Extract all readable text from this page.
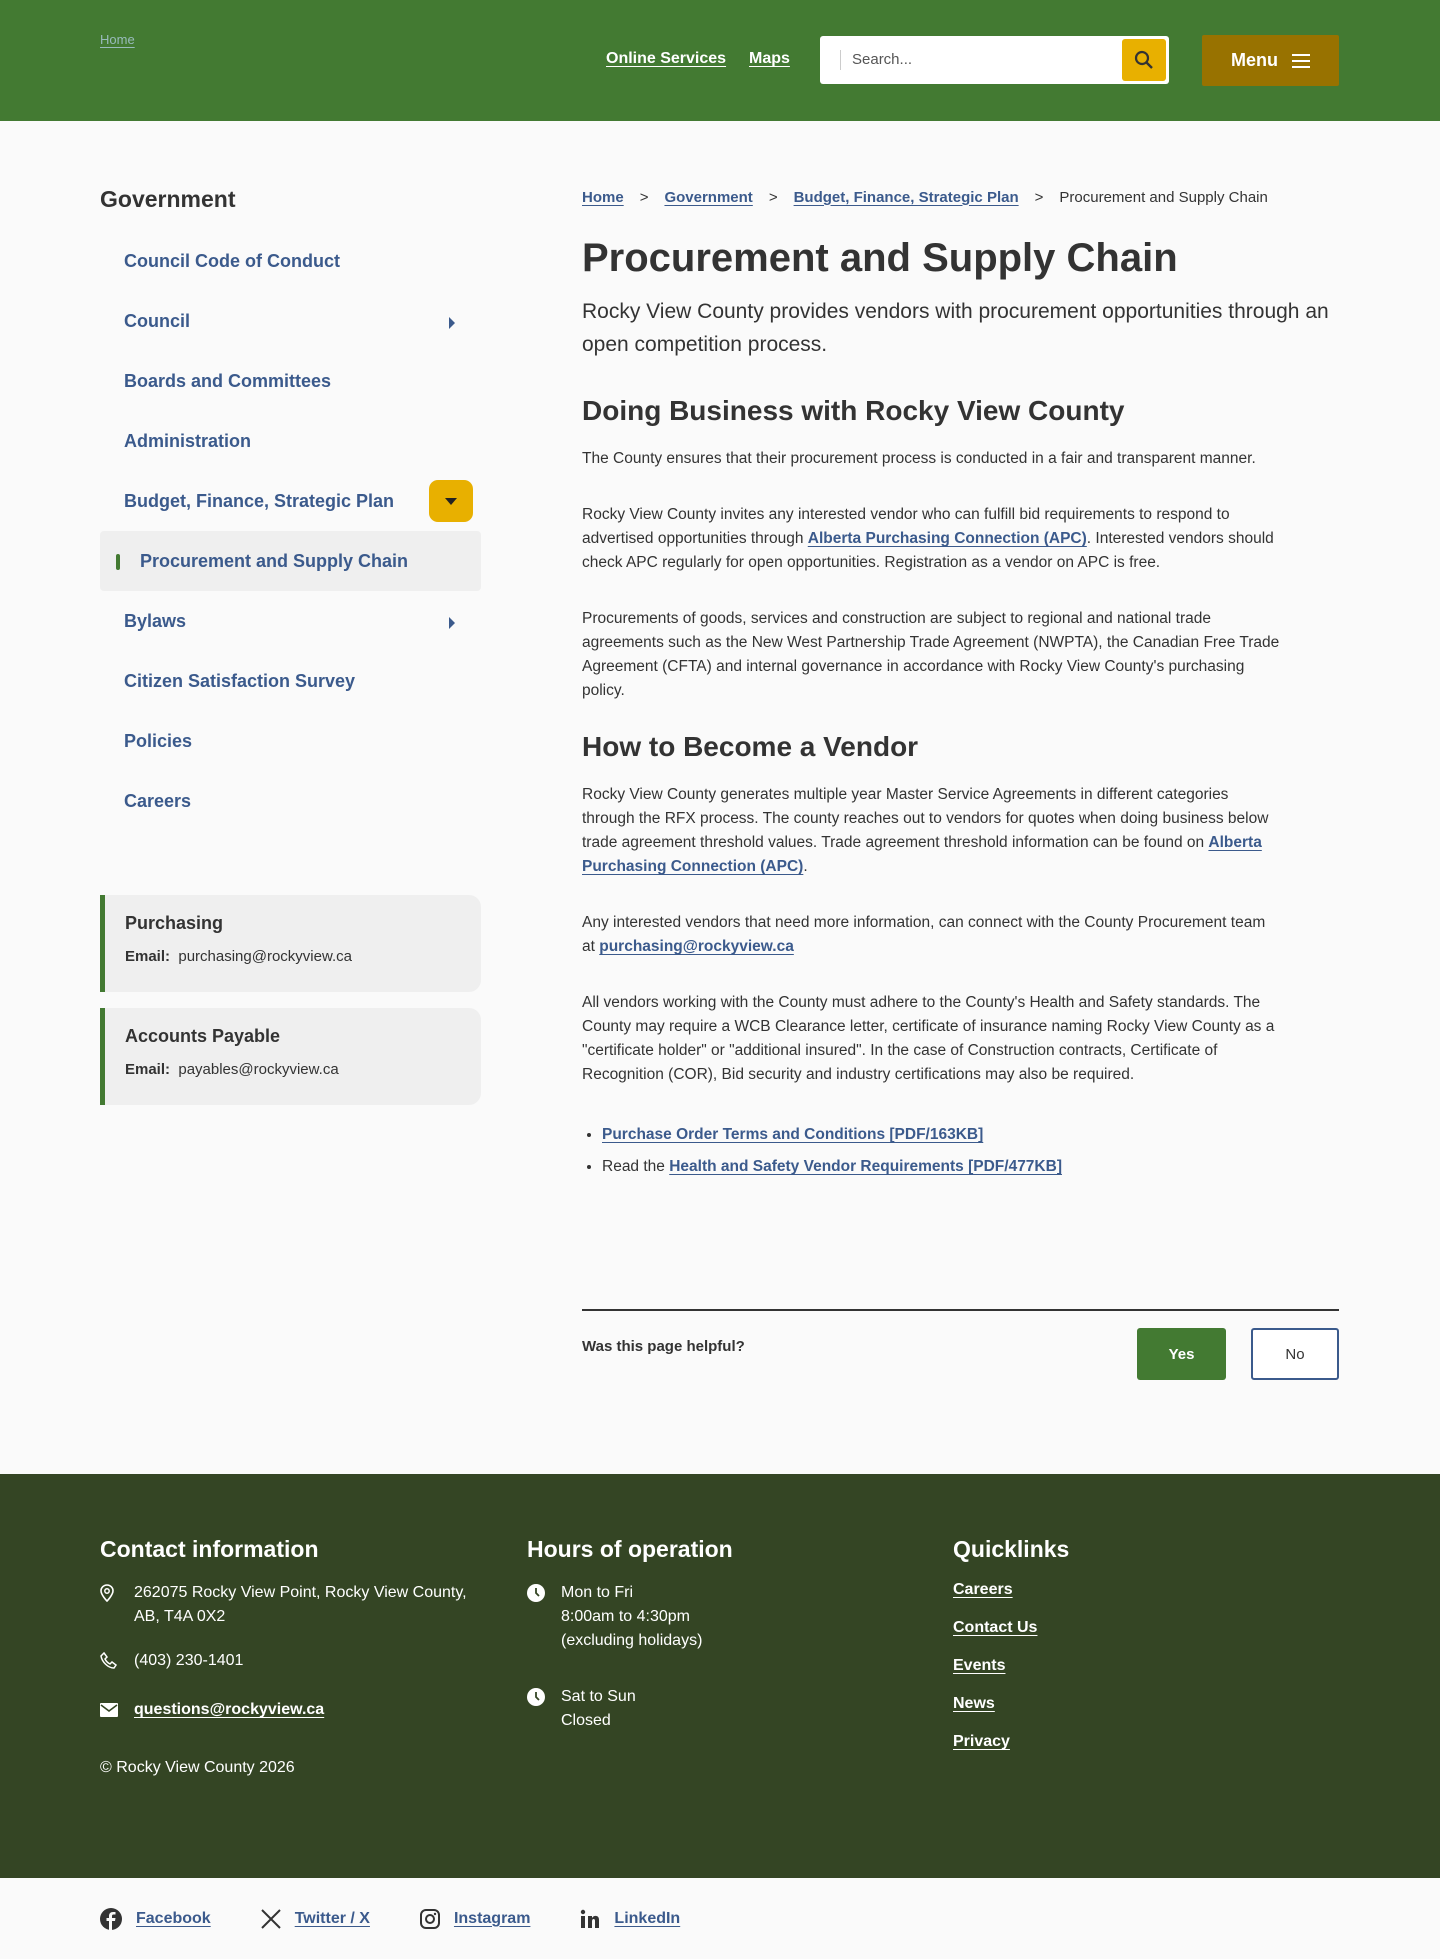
Home
Online Services Maps	Search...	Menu
Government
Council Code of Conduct
Council
Boards and Committees
Administration
Budget, Finance, Strategic Plan
Procurement and Supply Chain
Bylaws
Citizen Satisfaction Survey
Policies
Careers
Purchasing

Email: purchasing@rockyview.ca

Accounts Payable

Email: payables@rockyview.ca

Home > Government > Budget, Finance, Strategic Plan > Procurement and Supply Chain
Procurement and Supply Chain
Rocky View County provides vendors with procurement opportunities through an open competition process.
Doing Business with Rocky View County

The County ensures that their procurement process is conducted in a fair and transparent manner.

Rocky View County invites any interested vendor who can fulfill bid requirements to respond to advertised opportunities through Alberta Purchasing Connection (APC). Interested vendors should check APC regularly for open opportunities. Registration as a vendor on APC is free.

Procurements of goods, services and construction are subject to regional and national trade agreements such as the New West Partnership Trade Agreement (NWPTA), the Canadian Free Trade Agreement (CFTA) and internal governance in accordance with Rocky View County's purchasing policy.

How to Become a Vendor

Rocky View County generates multiple year Master Service Agreements in different categories through the RFX process. The county reaches out to vendors for quotes when doing business below trade agreement threshold values. Trade agreement threshold information can be found on Alberta Purchasing Connection (APC).

Any interested vendors that need more information, can connect with the County Procurement team at purchasing@rockyview.ca

All vendors working with the County must adhere to the County's Health and Safety standards. The County may require a WCB Clearance letter, certificate of insurance naming Rocky View County as a "certificate holder" or "additional insured". In the case of Construction contracts, Certificate of Recognition (COR), Bid security and industry certifications may also be required.

• Purchase Order Terms and Conditions [PDF/163KB]
• Read the Health and Safety Vendor Requirements [PDF/477KB]
Was this page helpful?	Yes	No
Contact information
262075 Rocky View Point, Rocky View County, AB, T4A 0X2
(403) 230-1401
questions@rockyview.ca
© Rocky View County 2026
Hours of operation
Mon to Fri
8:00am to 4:30pm
(excluding holidays)
Sat to Sun
Closed
Quicklinks
Careers
Contact Us
Events
News
Privacy
Facebook	Twitter / X	Instagram	LinkedIn
